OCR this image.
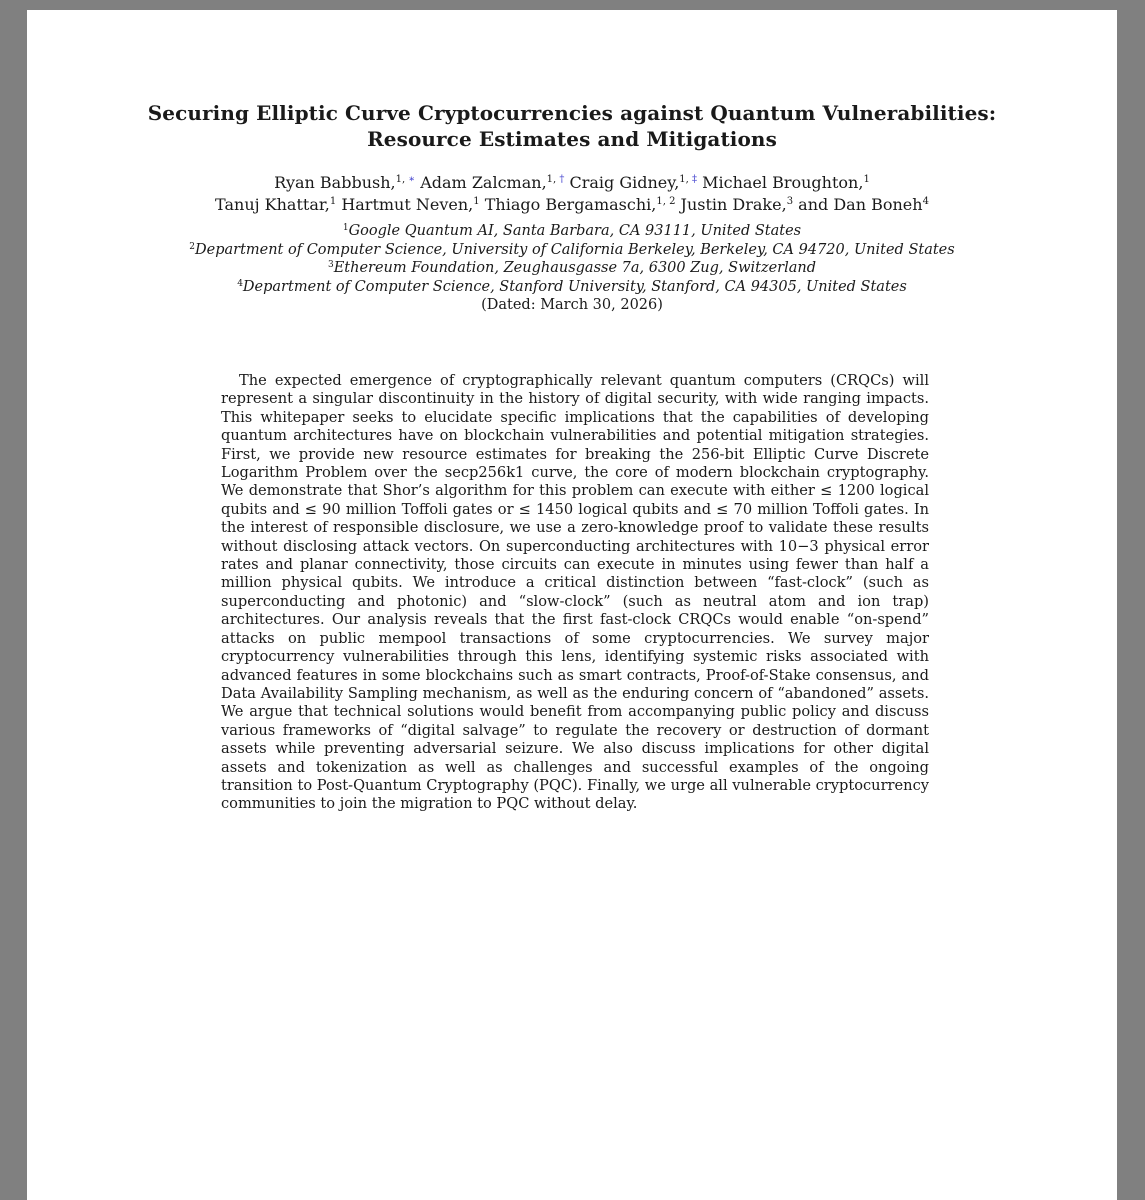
Securing Elliptic Curve Cryptocurrencies against Quantum Vulnerabilities:
Resource Estimates and Mitigations
Ryan Babbush,$^{1, ∗}$ Adam Zalcman,$^{1, \dagger}$ Craig Gidney,$^{1, \ddagger}$ Michael Broughton,$^1$
Tanuj Khattar,$^1$ Hartmut Neven,$^1$ Thiago Bergamaschi,$^{1, 2}$ Justin Drake,$^3$ and Dan Boneh$^4$
$^1$Google Quantum AI, Santa Barbara, CA 93111, United States
$^2$Department of Computer Science, University of California Berkeley, Berkeley, CA 94720, United States
$^3$Ethereum Foundation, Zeughausgasse 7a, 6300 Zug, Switzerland
$^4$Department of Computer Science, Stanford University, Stanford, CA 94305, United States
(Dated: March 30, 2026)
The expected emergence of cryptographically relevant quantum computers (CRQCs) will represent a singular discontinuity in the history of digital security, with wide ranging impacts. This whitepaper seeks to elucidate specific implications that the capabilities of developing quantum architectures have on blockchain vulnerabilities and potential mitigation strategies. First, we provide new resource estimates for breaking the 256-bit Elliptic Curve Discrete Logarithm Problem over the secp256k1 curve, the core of modern blockchain cryptography. We demonstrate that Shor’s algorithm for this problem can execute with either ≤ 1200 logical qubits and ≤ 90 million Toffoli gates or ≤ 1450 logical qubits and ≤ 70 million Toffoli gates. In the interest of responsible disclosure, we use a zero-knowledge proof to validate these results without disclosing attack vectors. On superconducting architectures with 10−3 physical error rates and planar connectivity, those circuits can execute in minutes using fewer than half a million physical qubits. We introduce a critical distinction between “fast-clock” (such as superconducting and photonic) and “slow-clock” (such as neutral atom and ion trap) architectures. Our analysis reveals that the first fast-clock CRQCs would enable “on-spend” attacks on public mempool transactions of some cryptocurrencies. We survey major cryptocurrency vulnerabilities through this lens, identifying systemic risks associated with advanced features in some blockchains such as smart contracts, Proof-of-Stake consensus, and Data Availability Sampling mechanism, as well as the enduring concern of “abandoned” assets. We argue that technical solutions would benefit from accompanying public policy and discuss various frameworks of “digital salvage” to regulate the recovery or destruction of dormant assets while preventing adversarial seizure. We also discuss implications for other digital assets and tokenization as well as challenges and successful examples of the ongoing transition to Post-Quantum Cryptography (PQC). Finally, we urge all vulnerable cryptocurrency communities to join the migration to PQC without delay.
